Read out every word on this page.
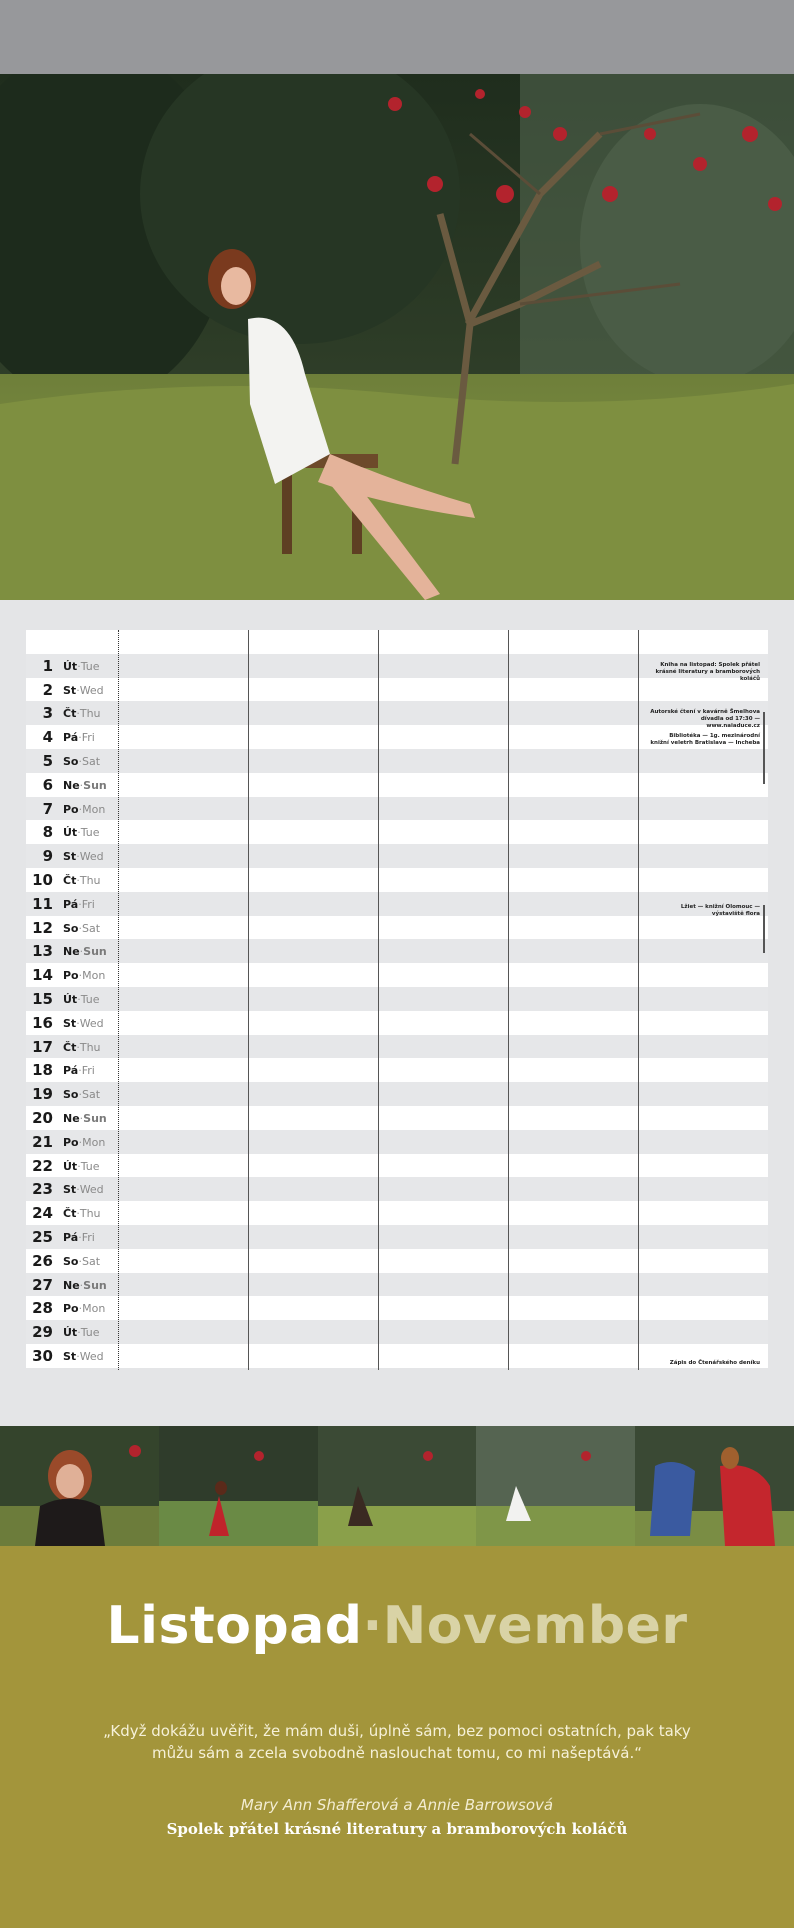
1 Út·Tue
2 St·Wed
3 Čt·Thu
4 Pá·Fri
5 So·Sat
6 Ne·Sun
7 Po·Mon
8 Út·Tue
9 St·Wed
10 Čt·Thu
11 Pá·Fri
12 So·Sat
13 Ne·Sun
14 Po·Mon
15 Út·Tue
16 St·Wed
17 Čt·Thu
18 Pá·Fri
19 So·Sat
20 Ne·Sun
21 Po·Mon
22 Út·Tue
23 St·Wed
24 Čt·Thu
25 Pá·Fri
26 So·Sat
27 Ne·Sun
28 Po·Mon
29 Út·Tue
30 St·Wed
Kniha na listopad: Spolek přátel krásné literatury a bramborových koláčů
Autorské čtení v kavárně Šmelhova dívadla od 17:30 — www.naiaduce.cz
Bibliotéka — 1g. mezinárodní knižní veletrh Bratislava — Incheba
Lžiet — knižní Olomouc — výstaviště flora
Zápis do Čtenářského deníku
Listopad·November
„Když dokážu uvěřit, že mám duši, úplně sám, bez pomoci ostatních, pak taky můžu sám a zcela svobodně naslouchat tomu, co mi našeptává.“
Mary Ann Shafferová a Annie Barrowsová
Spolek přátel krásné literatury a bramborových koláčů
